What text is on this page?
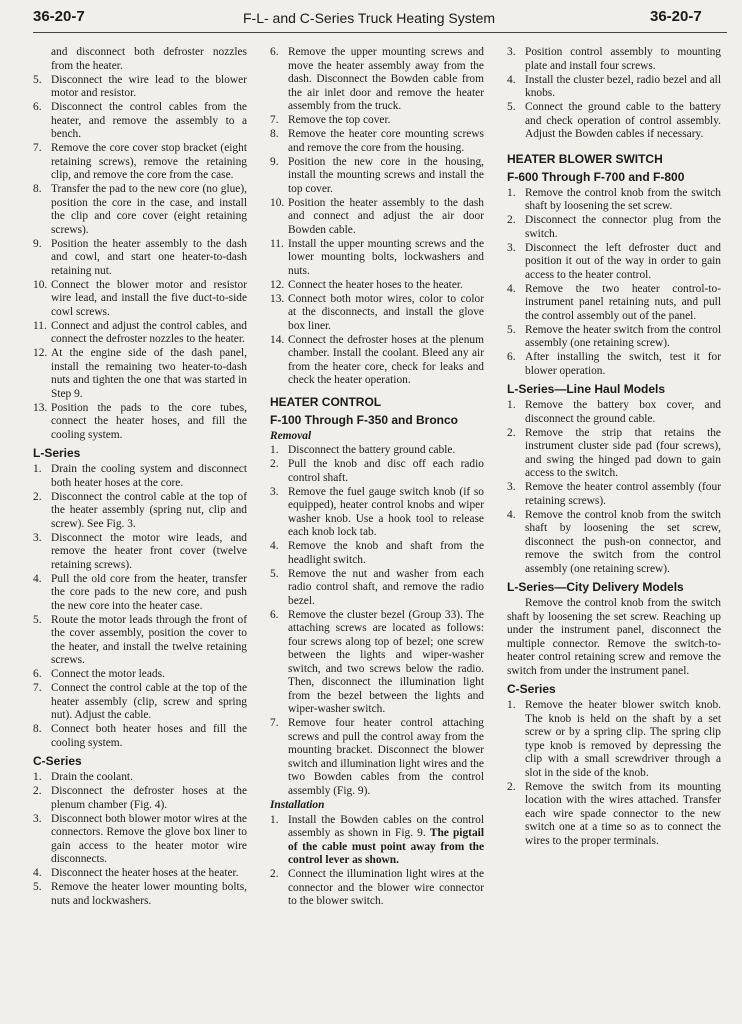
36-20-7	F-L- and C-Series Truck Heating System	36-20-7

and disconnect both defroster nozzles from the heater.

5. Disconnect the wire lead to the blower motor and resistor.
6. Disconnect the control cables from the heater, and remove the assembly to a bench.
7. Remove the core cover stop bracket (eight retaining screws), remove the retaining clip, and remove the core from the case.
8. Transfer the pad to the new core (no glue), position the core in the case, and install the clip and core cover (eight retaining screws).
9. Position the heater assembly to the dash and cowl, and start one heater-to-dash retaining nut.
10. Connect the blower motor and resistor wire lead, and install the five duct-to-side cowl screws.
11. Connect and adjust the control cables, and connect the defroster nozzles to the heater.
12. At the engine side of the dash panel, install the remaining two heater-to-dash nuts and tighten the one that was started in Step 9.
13. Position the pads to the core tubes, connect the heater hoses, and fill the cooling system.
L-Series
1. Drain the cooling system and disconnect both heater hoses at the core.
2. Disconnect the control cable at the top of the heater assembly (spring nut, clip and screw). See Fig. 3.
3. Disconnect the motor wire leads, and remove the heater front cover (twelve retaining screws).
4. Pull the old core from the heater, transfer the core pads to the new core, and push the new core into the heater case.
5. Route the motor leads through the front of the cover assembly, position the cover to the heater, and install the twelve retaining screws.
6. Connect the motor leads.
7. Connect the control cable at the top of the heater assembly (clip, screw and spring nut). Adjust the cable.
8. Connect both heater hoses and fill the cooling system.
C-Series
1. Drain the coolant.
2. Disconnect the defroster hoses at the plenum chamber (Fig. 4).
3. Disconnect both blower motor wires at the connectors. Remove the glove box liner to gain access to the heater motor wire disconnects.
4. Disconnect the heater hoses at the heater.
5. Remove the heater lower mounting bolts, nuts and lockwashers.
6. Remove the upper mounting screws and move the heater assembly away from the dash. Disconnect the Bowden cable from the air inlet door and remove the heater assembly from the truck.
7. Remove the top cover.
8. Remove the heater core mounting screws and remove the core from the housing.
9. Position the new core in the housing, install the mounting screws and install the top cover.
10. Position the heater assembly to the dash and connect and adjust the air door Bowden cable.
11. Install the upper mounting screws and the lower mounting bolts, lockwashers and nuts.
12. Connect the heater hoses to the heater.
13. Connect both motor wires, color to color at the disconnects, and install the glove box liner.
14. Connect the defroster hoses at the plenum chamber. Install the coolant. Bleed any air from the heater core, check for leaks and check the heater operation.
HEATER CONTROL
F-100 Through F-350 and Bronco
Removal
1. Disconnect the battery ground cable.
2. Pull the knob and disc off each radio control shaft.
3. Remove the fuel gauge switch knob (if so equipped), heater control knobs and wiper washer knob. Use a hook tool to release each knob lock tab.
4. Remove the knob and shaft from the headlight switch.
5. Remove the nut and washer from each radio control shaft, and remove the radio bezel.
6. Remove the cluster bezel (Group 33). The attaching screws are located as follows: four screws along top of bezel; one screw between the lights and wiper-washer switch, and two screws below the radio. Then, disconnect the illumination light from the bezel between the lights and wiper-washer switch.
7. Remove four heater control attaching screws and pull the control away from the mounting bracket. Disconnect the blower switch and illumination light wires and the two Bowden cables from the control assembly (Fig. 9).
Installation
1. Install the Bowden cables on the control assembly as shown in Fig. 9. The pigtail of the cable must point away from the control lever as shown.
2. Connect the illumination light wires at the connector and the blower wire connector to the blower switch.
3. Position control assembly to mounting plate and install four screws.
4. Install the cluster bezel, radio bezel and all knobs.
5. Connect the ground cable to the battery and check operation of control assembly. Adjust the Bowden cables if necessary.
HEATER BLOWER SWITCH
F-600 Through F-700 and F-800
1. Remove the control knob from the switch shaft by loosening the set screw.
2. Disconnect the connector plug from the switch.
3. Disconnect the left defroster duct and position it out of the way in order to gain access to the heater control.
4. Remove the two heater control-to-instrument panel retaining nuts, and pull the control assembly out of the panel.
5. Remove the heater switch from the control assembly (one retaining screw).
6. After installing the switch, test it for blower operation.
L-Series—Line Haul Models
1. Remove the battery box cover, and disconnect the ground cable.
2. Remove the strip that retains the instrument cluster side pad (four screws), and swing the hinged pad down to gain access to the switch.
3. Remove the heater control assembly (four retaining screws).
4. Remove the control knob from the switch shaft by loosening the set screw, disconnect the push-on connector, and remove the switch from the control assembly (one retaining screw).
L-Series—City Delivery Models

Remove the control knob from the switch shaft by loosening the set screw. Reaching up under the instrument panel, disconnect the multiple connector. Remove the switch-to-heater control retaining screw and remove the switch from under the instrument panel.

C-Series
1. Remove the heater blower switch knob. The knob is held on the shaft by a set screw or by a spring clip. The spring clip type knob is removed by depressing the clip with a small screwdriver through a slot in the side of the knob.
2. Remove the switch from its mounting location with the wires attached. Transfer each wire spade connector to the new switch one at a time so as to connect the wires to the proper terminals.
